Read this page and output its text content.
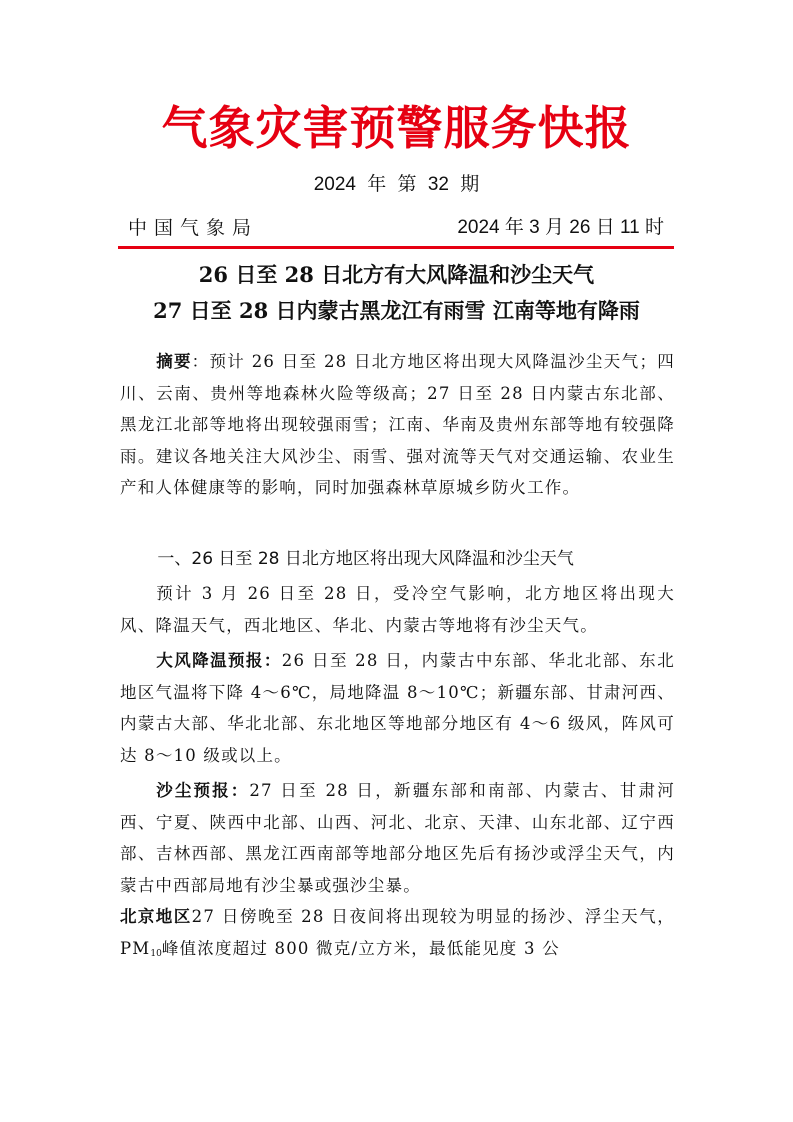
气象灾害预警服务快报
2024 年 第 32 期
中国气象局	2024 年 3 月 26 日 11 时
26 日至 28 日北方有大风降温和沙尘天气
27 日至 28 日内蒙古黑龙江有雨雪 江南等地有降雨

摘要：预计 26 日至 28 日北方地区将出现大风降温沙尘天气；四川、云南、贵州等地森林火险等级高；27 日至 28 日内蒙古东北部、黑龙江北部等地将出现较强雨雪；江南、华南及贵州东部等地有较强降雨。建议各地关注大风沙尘、雨雪、强对流等天气对交通运输、农业生产和人体健康等的影响，同时加强森林草原城乡防火工作。

一、26 日至 28 日北方地区将出现大风降温和沙尘天气

预计 3 月 26 日至 28 日，受冷空气影响，北方地区将出现大风、降温天气，西北地区、华北、内蒙古等地将有沙尘天气。

大风降温预报：26 日至 28 日，内蒙古中东部、华北北部、东北地区气温将下降 4～6℃，局地降温 8～10℃；新疆东部、甘肃河西、内蒙古大部、华北北部、东北地区等地部分地区有 4～6 级风，阵风可达 8～10 级或以上。

沙尘预报：27 日至 28 日，新疆东部和南部、内蒙古、甘肃河西、宁夏、陕西中北部、山西、河北、北京、天津、山东北部、辽宁西部、吉林西部、黑龙江西南部等地部分地区先后有扬沙或浮尘天气，内蒙古中西部局地有沙尘暴或强沙尘暴。

北京地区27 日傍晚至 28 日夜间将出现较为明显的扬沙、浮尘天气，$PM_{10}$峰值浓度超过 800 微克/立方米，最低能见度 3 公
